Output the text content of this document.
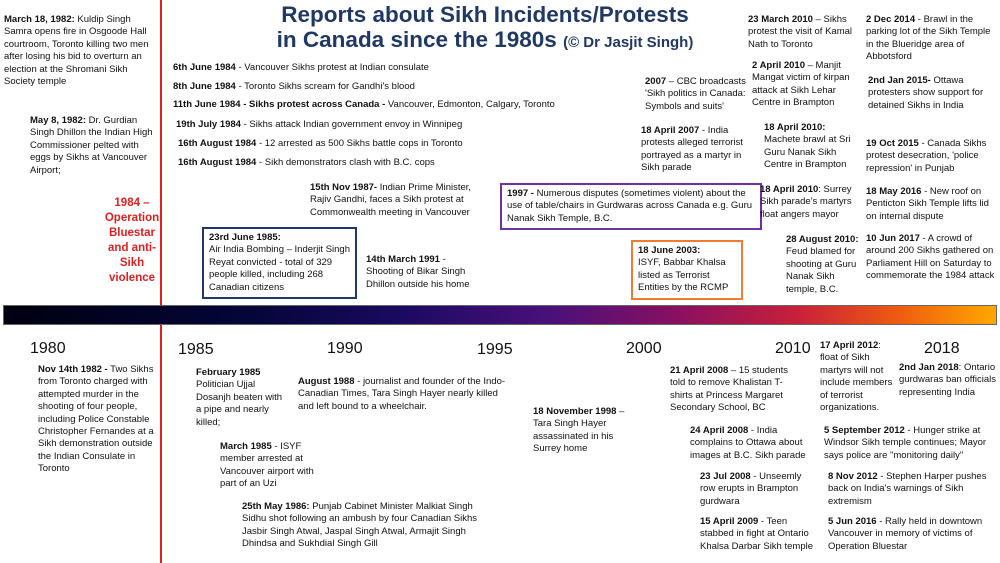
Reports about Sikh Incidents/Protests
in Canada since the 1980s (© Dr Jasjit Singh)
1984 – Operation Bluestar and anti-Sikh violence
March 18, 1982: Kuldip Singh Samra opens fire in Osgoode Hall courtroom, Toronto killing two men after losing his bid to overturn an election at the Shromani Sikh Society temple
May 8, 1982: Dr. Gurdian Singh Dhillon the Indian High Commissioner pelted with eggs by Sikhs at Vancouver Airport;
6th June 1984 - Vancouver Sikhs protest at Indian consulate
8th June 1984 - Toronto Sikhs scream for Gandhi's blood
11th June 1984 - Sikhs protest across Canada - Vancouver, Edmonton, Calgary, Toronto
19th July 1984 - Sikhs attack Indian government envoy in Winnipeg
16th August 1984 - 12 arrested as 500 Sikhs battle cops in Toronto
16th August 1984 - Sikh demonstrators clash with B.C. cops
15th Nov 1987- Indian Prime Minister, Rajiv Gandhi, faces a Sikh protest at Commonwealth meeting in Vancouver
23rd June 1985:
Air India Bombing – Inderjit Singh Reyat convicted - total of 329 people killed, including 268 Canadian citizens
14th March 1991 - Shooting of Bikar Singh Dhillon outside his home
1997 - Numerous disputes (sometimes violent) about the use of table/chairs in Gurdwaras across Canada e.g. Guru Nanak Sikh Temple, B.C.
18 June 2003:
ISYF, Babbar Khalsa listed as Terrorist Entities by the RCMP
2007 – CBC broadcasts 'Sikh politics in Canada: Symbols and suits'
18 April 2007 - India protests alleged terrorist portrayed as a martyr in Sikh parade
23 March 2010 – Sikhs protest the visit of Kamal Nath to Toronto
2 April 2010 – Manjit Mangat victim of kirpan attack at Sikh Lehar Centre in Brampton
18 April 2010:
Machete brawl at Sri Guru Nanak Sikh Centre in Brampton
18 April 2010: Surrey Sikh parade's martyrs float angers mayor
28 August 2010: Feud blamed for shooting at Guru Nanak Sikh temple, B.C.
2 Dec 2014 - Brawl in the parking lot of the Sikh Temple in the Blueridge area of Abbotsford
2nd Jan 2015- Ottawa protesters show support for detained Sikhs in India
19 Oct 2015 - Canada Sikhs protest desecration, 'police repression' in Punjab
18 May 2016 - New roof on Penticton Sikh Temple lifts lid on internal dispute
10 Jun 2017 - A crowd of around 200 Sikhs gathered on Parliament Hill on Saturday to commemorate the 1984 attack
1980	1985	1990	1995	2000	2010	2018
Nov 14th 1982 - Two Sikhs from Toronto charged with attempted murder in the shooting of four people, including Police Constable Christopher Fernandes at a Sikh demonstration outside the Indian Consulate in Toronto
February 1985 Politician Ujjal Dosanjh beaten with a pipe and nearly killed;
March 1985 - ISYF member arrested at Vancouver airport with part of an Uzi
25th May 1986: Punjab Cabinet Minister Malkiat Singh Sidhu shot following an ambush by four Canadian Sikhs Jasbir Singh Atwal, Jaspal Singh Atwal, Armajit Singh Dhindsa and Sukhdial Singh Gill
August 1988 - journalist and founder of the Indo-Canadian Times, Tara Singh Hayer nearly killed and left bound to a wheelchair.	18 November 1998 – Tara Singh Hayer assassinated in his Surrey home
21 April 2008 – 15 students told to remove Khalistan T-shirts at Princess Margaret Secondary School, BC
24 April 2008 - India complains to Ottawa about images at B.C. Sikh parade
23 Jul 2008 - Unseemly row erupts in Brampton gurdwara
15 April 2009 - Teen stabbed in fight at Ontario Khalsa Darbar Sikh temple
17 April 2012: float of Sikh martyrs will not include members of terrorist organizations.
2nd Jan 2018: Ontario gurdwaras ban officials representing India
5 September 2012 - Hunger strike at Windsor Sikh temple continues; Mayor says police are "monitoring daily"
8 Nov 2012 - Stephen Harper pushes back on India's warnings of Sikh extremism
5 Jun 2016 - Rally held in downtown Vancouver in memory of victims of Operation Bluestar
